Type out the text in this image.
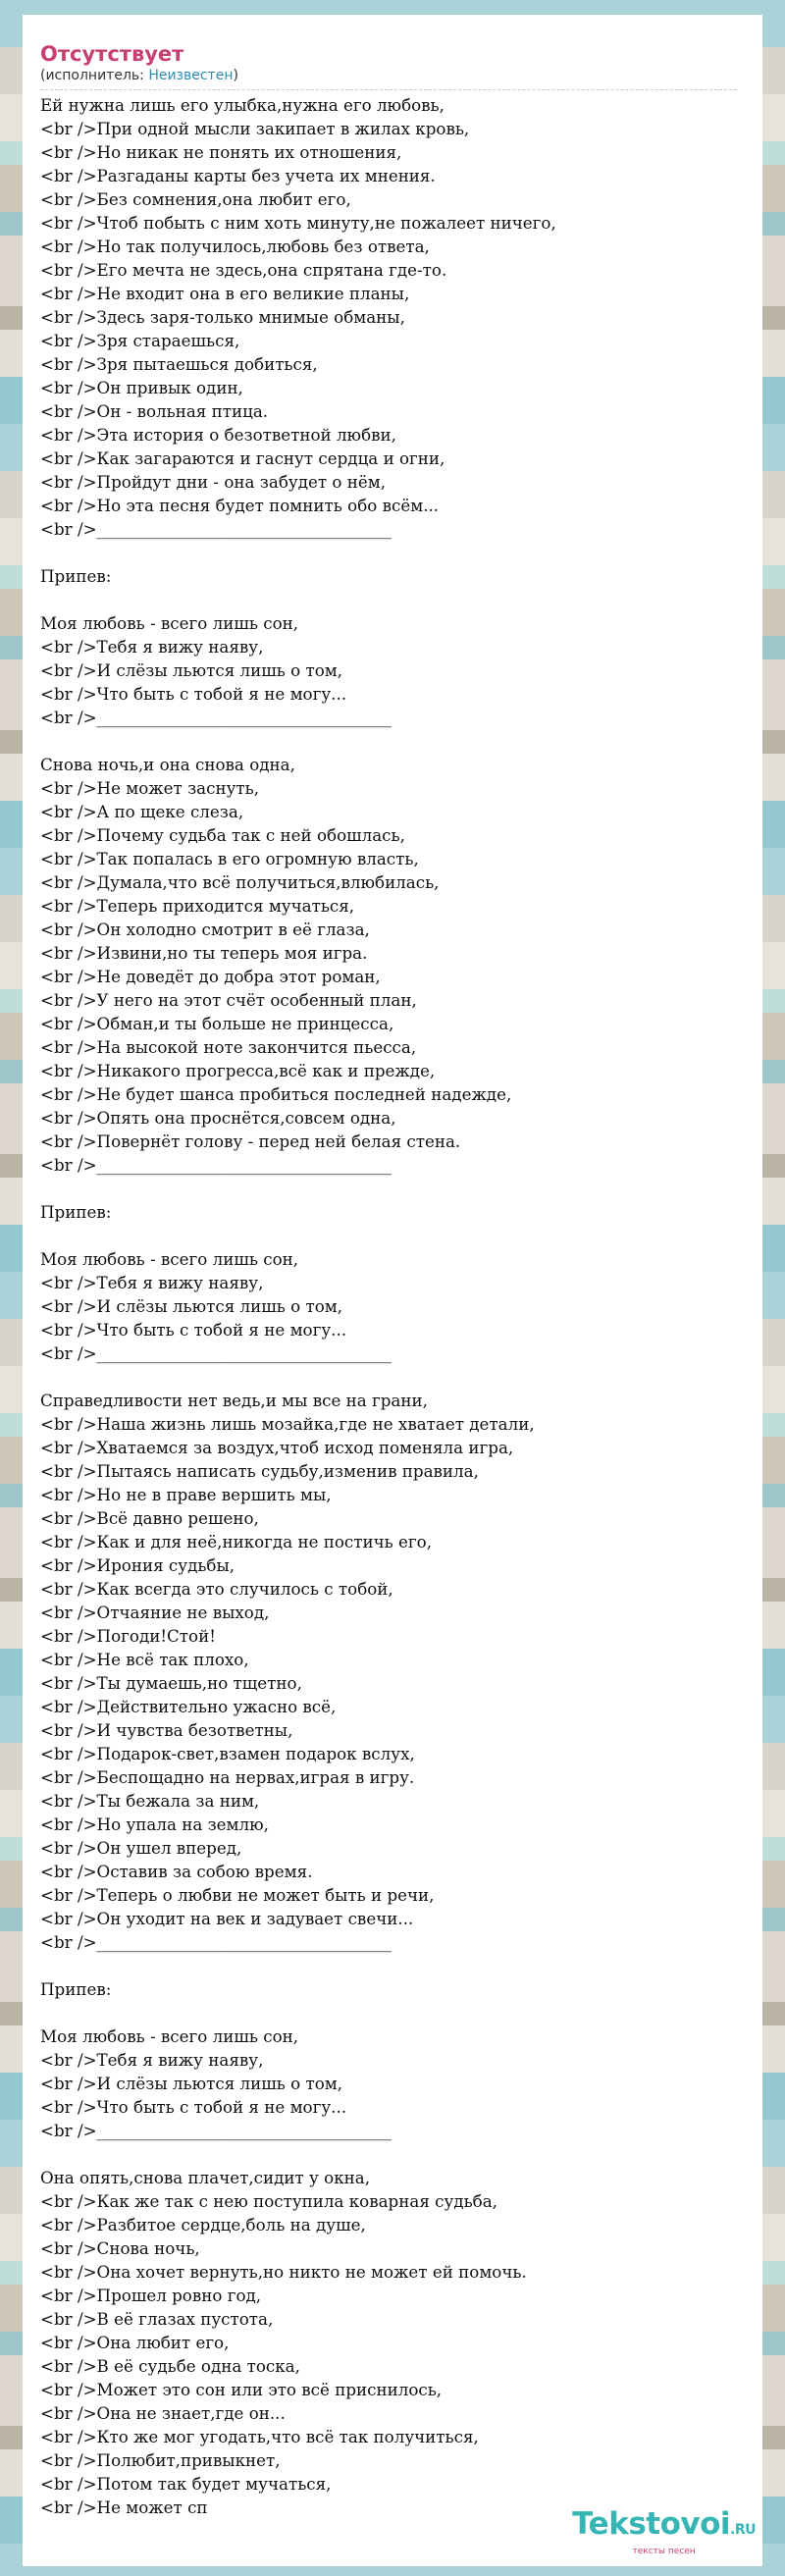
Отсутствует
(исполнитель: Неизвестен)
Ей нужна лишь его улыбка,нужна его любовь,
<br />При одной мысли закипает в жилах кровь,
<br />Но никак не понять их отношения,
<br />Разгаданы карты без учета их мнения.
<br />Без сомнения,она любит его,
<br />Чтоб побыть с ним хоть минуту,не пожалеет ничего,
<br />Но так получилось,любовь без ответа,
<br />Его мечта не здесь,она спрятана где-то.
<br />Не входит она в его великие планы,
<br />Здесь заря-только мнимые обманы,
<br />Зря стараешься,
<br />Зря пытаешься добиться,
<br />Он привык один,
<br />Он - вольная птица.
<br />Эта история о безответной любви,
<br />Как загараются и гаснут сердца и огни,
<br />Пройдут дни - она забудет о нём,
<br />Но эта песня будет помнить обо всём...
<br />____________________________________
Припев:
Моя любовь - всего лишь сон,
<br />Тебя я вижу наяву,
<br />И слёзы льются лишь о том,
<br />Что быть с тобой я не могу...
<br />____________________________________
Снова ночь,и она снова одна,
<br />Не может заснуть,
<br />А по щеке слеза,
<br />Почему судьба так с ней обошлась,
<br />Так попалась в его огромную власть,
<br />Думала,что всё получиться,влюбилась,
<br />Теперь приходится мучаться,
<br />Он холодно смотрит в её глаза,
<br />Извини,но ты теперь моя игра.
<br />Не доведёт до добра этот роман,
<br />У него на этот счёт особенный план,
<br />Обман,и ты больше не принцесса,
<br />На высокой ноте закончится пьесса,
<br />Никакого прогресса,всё как и прежде,
<br />Не будет шанса пробиться последней надежде,
<br />Опять она проснётся,совсем одна,
<br />Повернёт голову - перед ней белая стена.
<br />____________________________________
Припев:
Моя любовь - всего лишь сон,
<br />Тебя я вижу наяву,
<br />И слёзы льются лишь о том,
<br />Что быть с тобой я не могу...
<br />____________________________________
Справедливости нет ведь,и мы все на грани,
<br />Наша жизнь лишь мозайка,где не хватает детали,
<br />Хватаемся за воздух,чтоб исход поменяла игра,
<br />Пытаясь написать судьбу,изменив правила,
<br />Но не в праве вершить мы,
<br />Всё давно решено,
<br />Как и для неё,никогда не постичь его,
<br />Ирония судьбы,
<br />Как всегда это случилось с тобой,
<br />Отчаяние не выход,
<br />Погоди!Стой!
<br />Не всё так плохо,
<br />Ты думаешь,но тщетно,
<br />Действительно ужасно всё,
<br />И чувства безответны,
<br />Подарок-свет,взамен подарок вслух,
<br />Беспощадно на нервах,играя в игру.
<br />Ты бежала за ним,
<br />Но упала на землю,
<br />Он ушел вперед,
<br />Оставив за собою время.
<br />Теперь о любви не может быть и речи,
<br />Он уходит на век и задувает свечи...
<br />____________________________________
Припев:
Моя любовь - всего лишь сон,
<br />Тебя я вижу наяву,
<br />И слёзы льются лишь о том,
<br />Что быть с тобой я не могу...
<br />____________________________________
Она опять,снова плачет,сидит у окна,
<br />Как же так с нею поступила коварная судьба,
<br />Разбитое сердце,боль на душе,
<br />Снова ночь,
<br />Она хочет вернуть,но никто не может ей помочь.
<br />Прошел ровно год,
<br />В её глазах пустота,
<br />Она любит его,
<br />В её судьбе одна тоска,
<br />Может это сон или это всё приснилось,
<br />Она не знает,где он...
<br />Кто же мог угодать,что всё так получиться,
<br />Полюбит,привыкнет,
<br />Потом так будет мучаться,
<br />Не может сп	Tekstovoi.RU
тексты песен
